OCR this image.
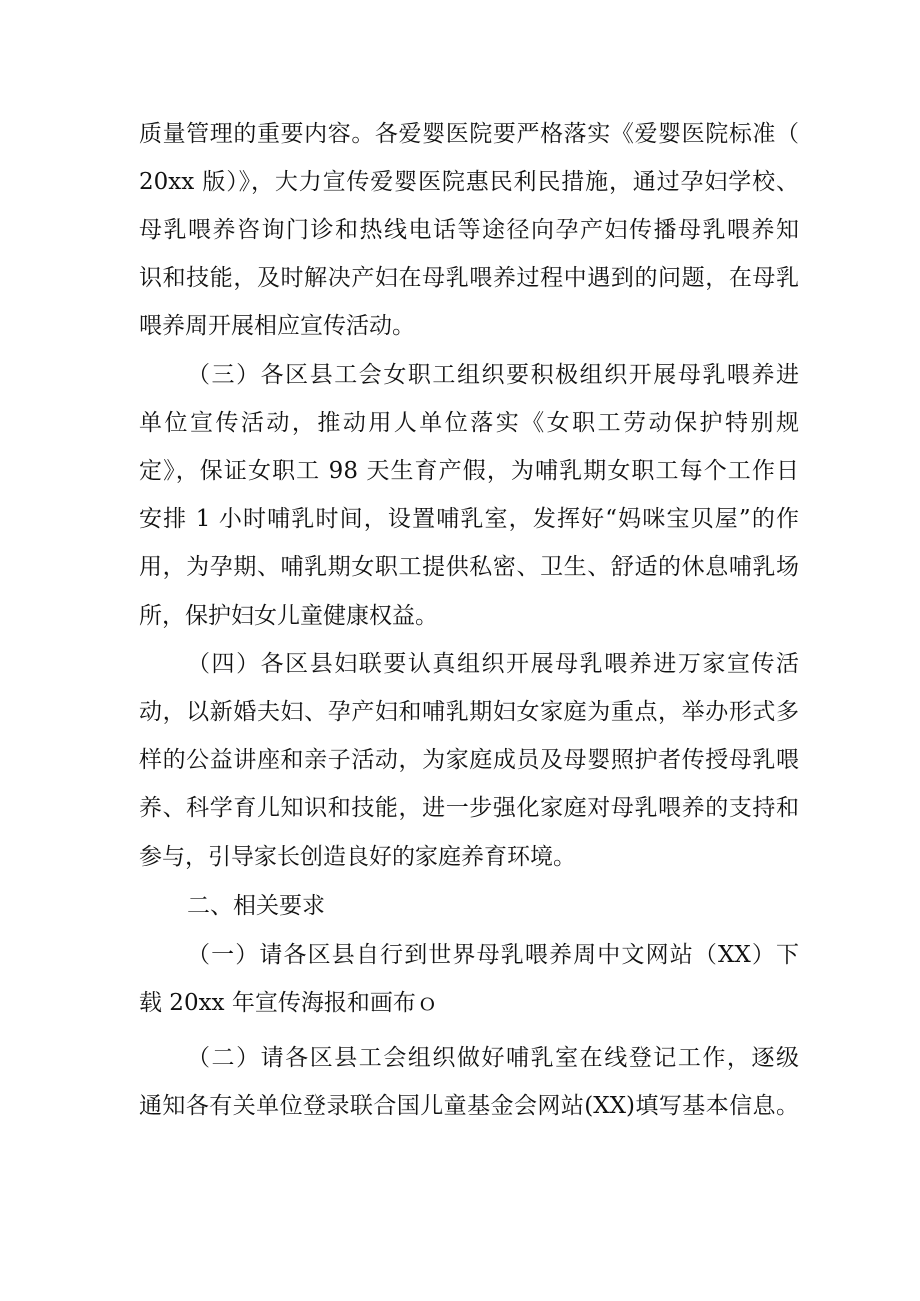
质量管理的重要内容。各爱婴医院要严格落实《爱婴医院标准（
20xx 版）》，大力宣传爱婴医院惠民利民措施，通过孕妇学校、
母乳喂养咨询门诊和热线电话等途径向孕产妇传播母乳喂养知
识和技能，及时解决产妇在母乳喂养过程中遇到的问题，在母乳
喂养周开展相应宣传活动。
（三）各区县工会女职工组织要积极组织开展母乳喂养进
单位宣传活动，推动用人单位落实《女职工劳动保护特别规
定》，保证女职工 98 天生育产假，为哺乳期女职工每个工作日
安排 1 小时哺乳时间，设置哺乳室，发挥好“妈咪宝贝屋”的作
用，为孕期、哺乳期女职工提供私密、卫生、舒适的休息哺乳场
所，保护妇女儿童健康权益。
（四）各区县妇联要认真组织开展母乳喂养进万家宣传活
动，以新婚夫妇、孕产妇和哺乳期妇女家庭为重点，举办形式多
样的公益讲座和亲子活动，为家庭成员及母婴照护者传授母乳喂
养、科学育儿知识和技能，进一步强化家庭对母乳喂养的支持和
参与，引导家长创造良好的家庭养育环境。
二、相关要求
（一）请各区县自行到世界母乳喂养周中文网站（XX）下
载 20xx 年宣传海报和画布ｏ
（二）请各区县工会组织做好哺乳室在线登记工作，逐级
通知各有关单位登录联合国儿童基金会网站(XX)填写基本信息。
